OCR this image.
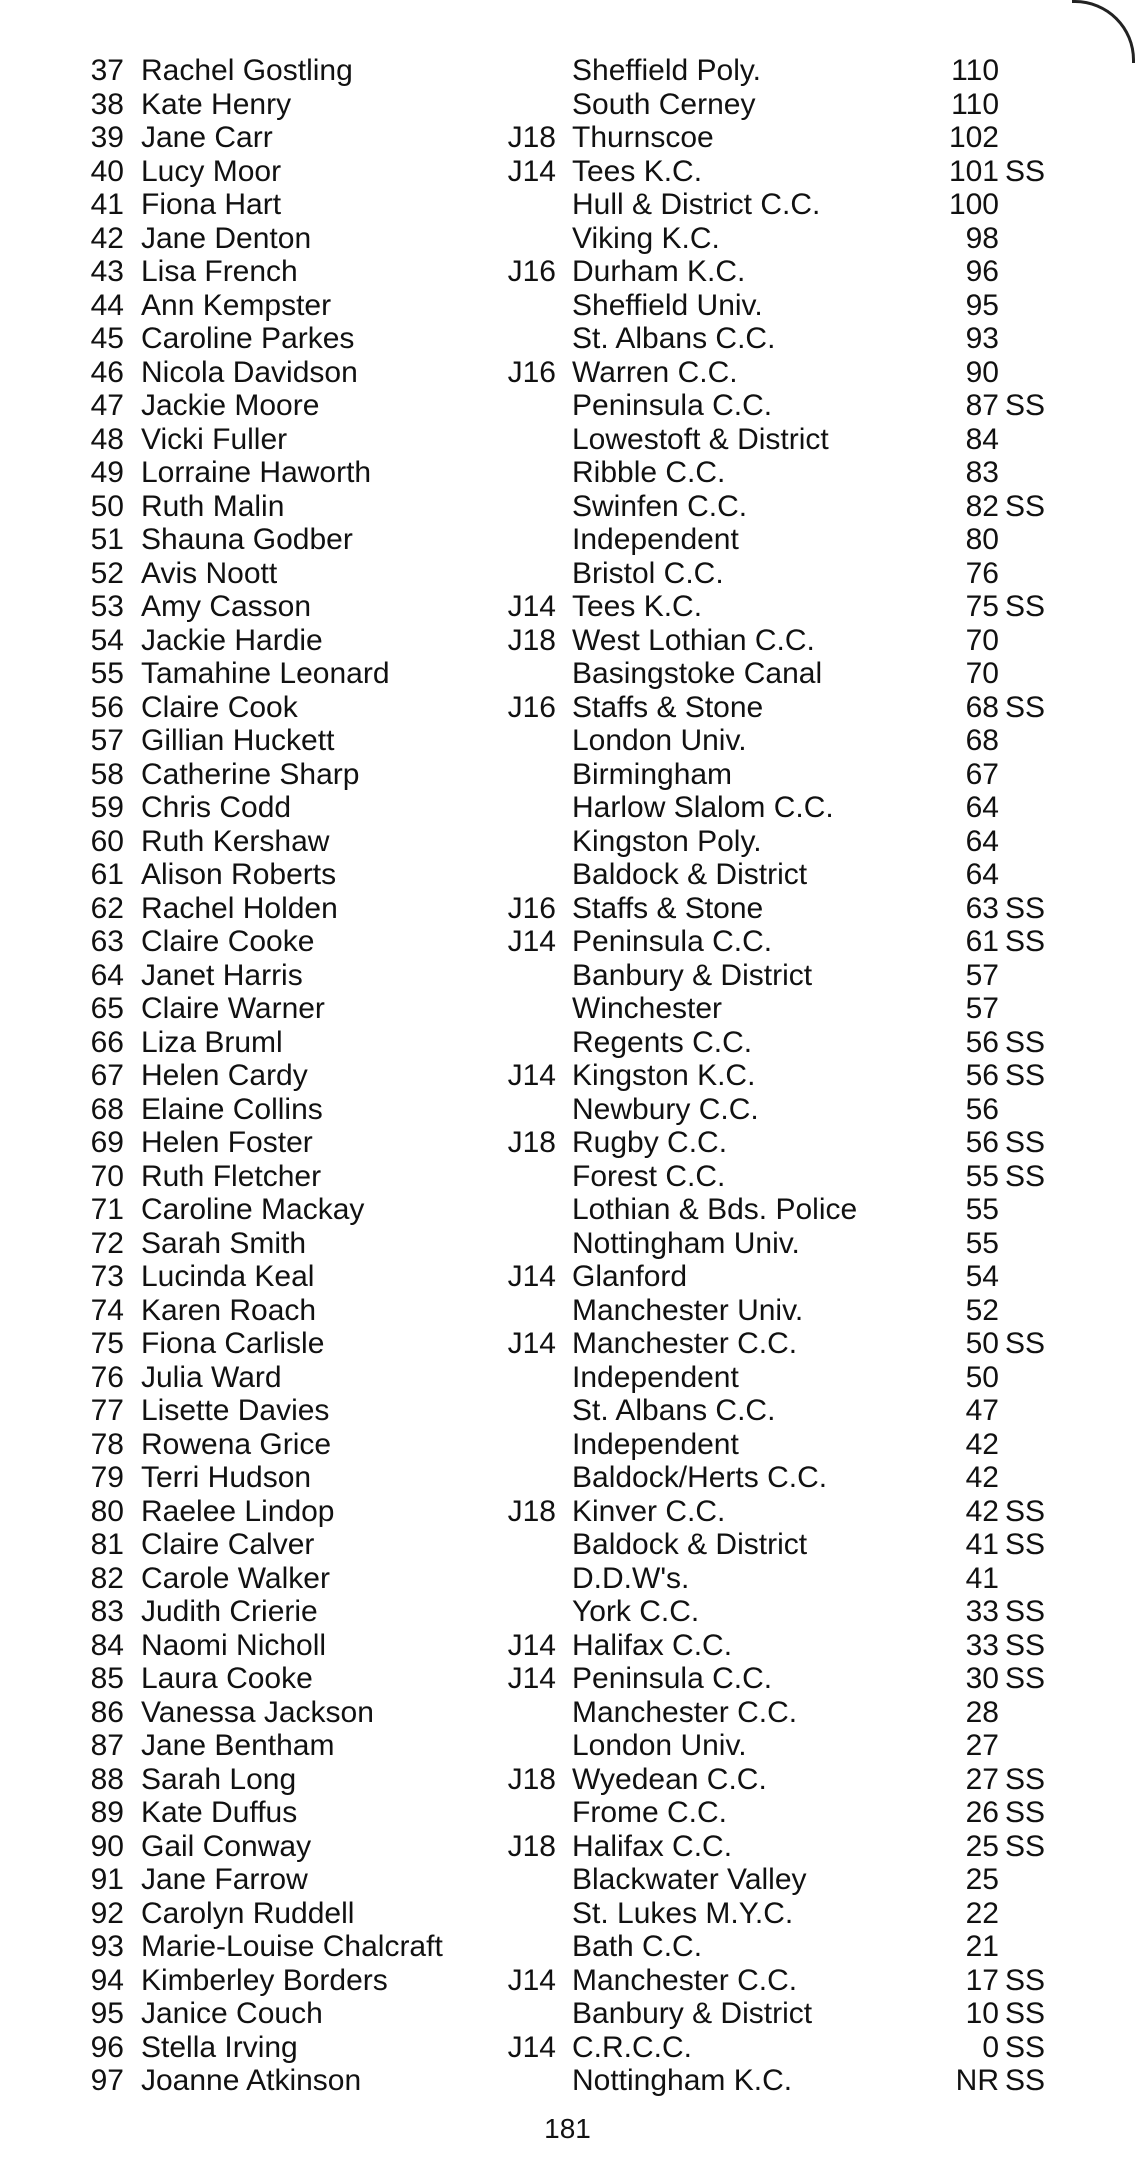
37 Rachel Gostling	Sheffield Poly.	110
38 Kate Henry	South Cerney	110
39 Jane Carr	J18 Thurnscoe	102
40 Lucy Moor	J14 Tees K.C.	101 SS
41 Fiona Hart	Hull & District C.C.	100
42 Jane Denton	Viking K.C.	98
43 Lisa French	J16 Durham K.C.	96
44 Ann Kempster	Sheffield Univ.	95
45 Caroline Parkes	St. Albans C.C.	93
46 Nicola Davidson	J16 Warren C.C.	90
47 Jackie Moore	Peninsula C.C.	87 SS
48 Vicki Fuller	Lowestoft & District	84
49 Lorraine Haworth	Ribble C.C.	83
50 Ruth Malin	Swinfen C.C.	82 SS
51 Shauna Godber	Independent	80
52 Avis Noott	Bristol C.C.	76
53 Amy Casson	J14 Tees K.C.	75 SS
54 Jackie Hardie	J18 West Lothian C.C.	70
55 Tamahine Leonard	Basingstoke Canal	70
56 Claire Cook	J16 Staffs & Stone	68 SS
57 Gillian Huckett	London Univ.	68
58 Catherine Sharp	Birmingham	67
59 Chris Codd	Harlow Slalom C.C.	64
60 Ruth Kershaw	Kingston Poly.	64
61 Alison Roberts	Baldock & District	64
62 Rachel Holden	J16 Staffs & Stone	63 SS
63 Claire Cooke	J14 Peninsula C.C.	61 SS
64 Janet Harris	Banbury & District	57
65 Claire Warner	Winchester	57
66 Liza Bruml	Regents C.C.	56 SS
67 Helen Cardy	J14 Kingston K.C.	56 SS
68 Elaine Collins	Newbury C.C.	56
69 Helen Foster	J18 Rugby C.C.	56 SS
70 Ruth Fletcher	Forest C.C.	55 SS
71 Caroline Mackay	Lothian & Bds. Police	55
72 Sarah Smith	Nottingham Univ.	55
73 Lucinda Keal	J14 Glanford	54
74 Karen Roach	Manchester Univ.	52
75 Fiona Carlisle	J14 Manchester C.C.	50 SS
76 Julia Ward	Independent	50
77 Lisette Davies	St. Albans C.C.	47
78 Rowena Grice	Independent	42
79 Terri Hudson	Baldock/Herts C.C.	42
80 Raelee Lindop	J18 Kinver C.C.	42 SS
81 Claire Calver	Baldock & District	41 SS
82 Carole Walker	D.D.W's.	41
83 Judith Crierie	York C.C.	33 SS
84 Naomi Nicholl	J14 Halifax C.C.	33 SS
85 Laura Cooke	J14 Peninsula C.C.	30 SS
86 Vanessa Jackson	Manchester C.C.	28
87 Jane Bentham	London Univ.	27
88 Sarah Long	J18 Wyedean C.C.	27 SS
89 Kate Duffus	Frome C.C.	26 SS
90 Gail Conway	J18 Halifax C.C.	25 SS
91 Jane Farrow	Blackwater Valley	25
92 Carolyn Ruddell	St. Lukes M.Y.C.	22
93 Marie-Louise Chalcraft	Bath C.C.	21
94 Kimberley Borders	J14 Manchester C.C.	17 SS
95 Janice Couch	Banbury & District	10 SS
96 Stella Irving	J14 C.R.C.C.	0 SS
97 Joanne Atkinson	Nottingham K.C.	NR SS
181
